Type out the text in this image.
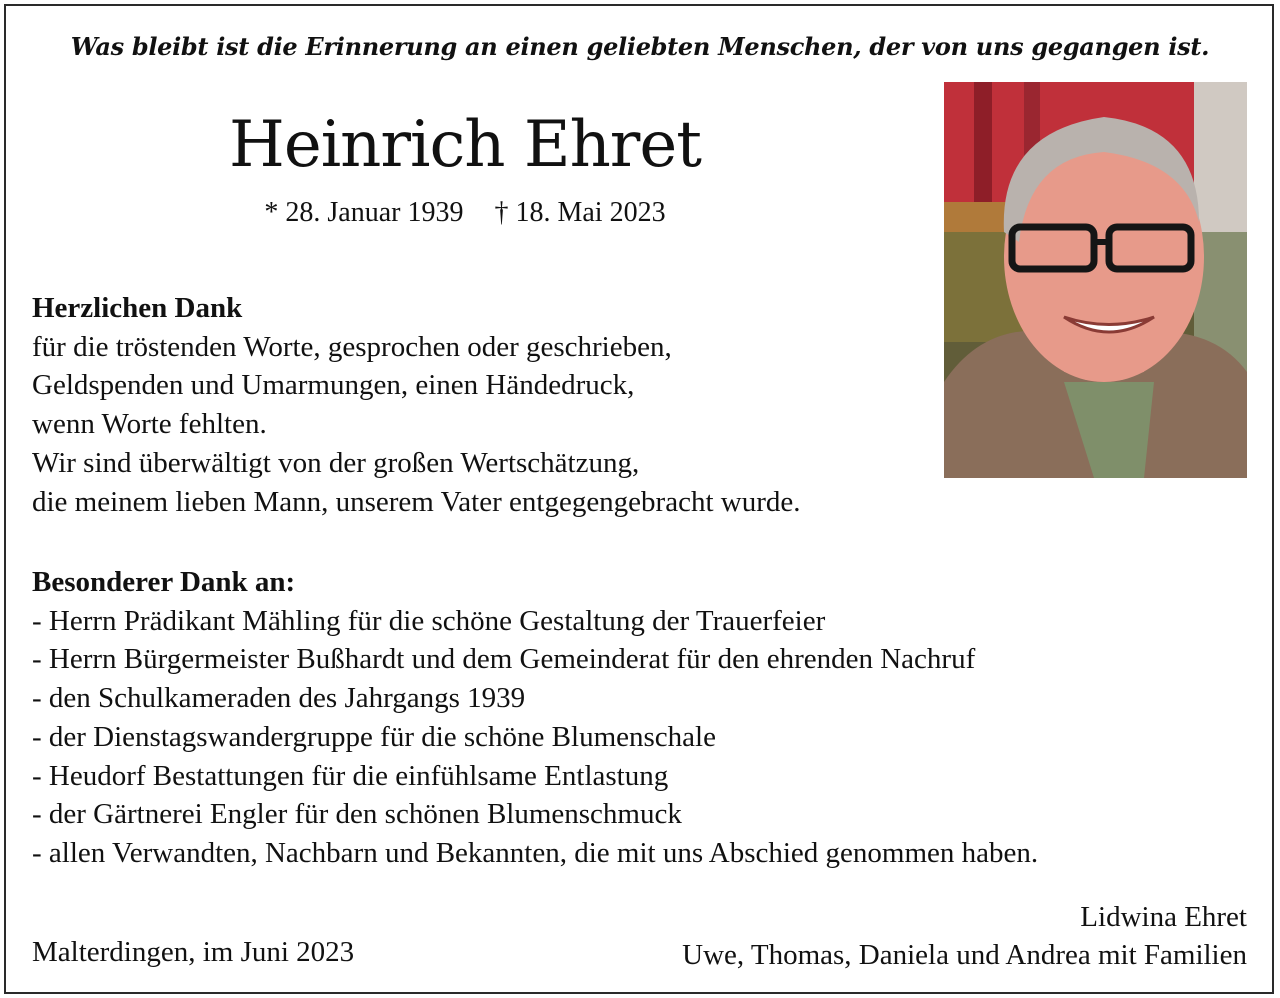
Was bleibt ist die Erinnerung an einen geliebten Menschen, der von uns gegangen ist.
Heinrich Ehret
* 28. Januar 1939 † 18. Mai 2023
Herzlichen Dank
für die tröstenden Worte, gesprochen oder geschrieben,
Geldspenden und Umarmungen, einen Händedruck,
wenn Worte fehlten.
Wir sind überwältigt von der großen Wertschätzung,
die meinem lieben Mann, unserem Vater entgegengebracht wurde.
Besonderer Dank an:
- Herrn Prädikant Mähling für die schöne Gestaltung der Trauerfeier
- Herrn Bürgermeister Bußhardt und dem Gemeinderat für den ehrenden Nachruf
- den Schulkameraden des Jahrgangs 1939
- der Dienstagswandergruppe für die schöne Blumenschale
- Heudorf Bestattungen für die einfühlsame Entlastung
- der Gärtnerei Engler für den schönen Blumenschmuck
- allen Verwandten, Nachbarn und Bekannten, die mit uns Abschied genommen haben.
Malterdingen, im Juni 2023
Lidwina Ehret
Uwe, Thomas, Daniela und Andrea mit Familien
